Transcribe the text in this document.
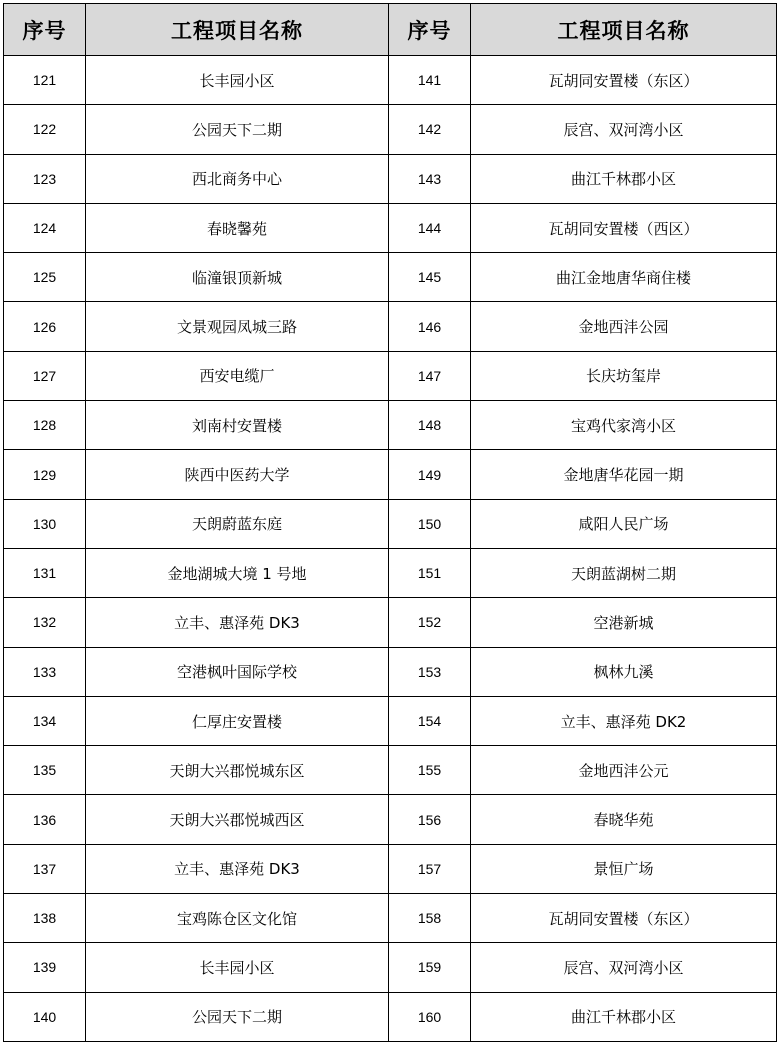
序号	工程项目名称	序号	工程项目名称
121	长丰园小区	141	瓦胡同安置楼（东区）
122	公园天下二期	142	辰宫、双河湾小区
123	西北商务中心	143	曲江千林郡小区
124	春晓馨苑	144	瓦胡同安置楼（西区）
125	临潼银顶新城	145	曲江金地唐华商住楼
126	文景观园凤城三路	146	金地西沣公园
127	西安电缆厂	147	长庆坊玺岸
128	刘南村安置楼	148	宝鸡代家湾小区
129	陕西中医药大学	149	金地唐华花园一期
130	天朗蔚蓝东庭	150	咸阳人民广场
131	金地湖城大境 1 号地	151	天朗蓝湖树二期
132	立丰、惠泽苑 DK3	152	空港新城
133	空港枫叶国际学校	153	枫林九溪
134	仁厚庄安置楼	154	立丰、惠泽苑 DK2
135	天朗大兴郡悦城东区	155	金地西沣公元
136	天朗大兴郡悦城西区	156	春晓华苑
137	立丰、惠泽苑 DK3	157	景恒广场
138	宝鸡陈仓区文化馆	158	瓦胡同安置楼（东区）
139	长丰园小区	159	辰宫、双河湾小区
140	公园天下二期	160	曲江千林郡小区
